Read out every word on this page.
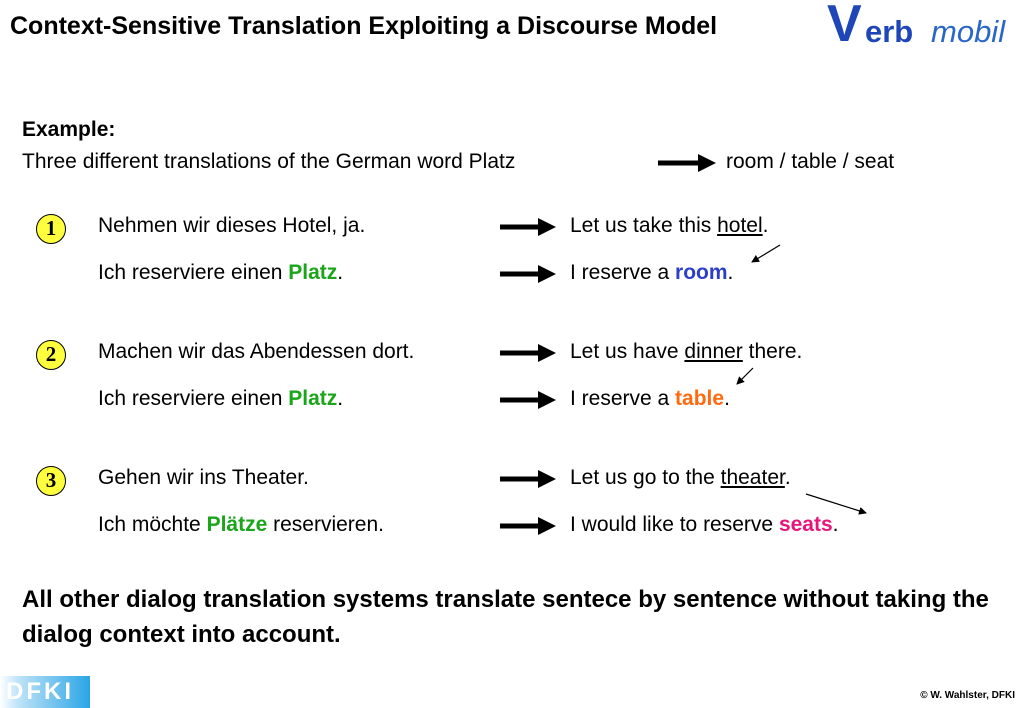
Context-Sensitive Translation Exploiting a Discourse Model	V erb mobil
Example:
Three different translations of the German word Platz	room / table / seat
1	Nehmen wir dieses Hotel, ja.	Let us take this hotel.
Ich reserviere einen Platz.	I reserve a room.
2	Machen wir das Abendessen dort.	Let us have dinner there.
Ich reserviere einen Platz.	I reserve a table.
3	Gehen wir ins Theater.	Let us go to the theater.
Ich möchte Plätze reservieren.	I would like to reserve seats.

All other dialog translation systems translate sentece by sentence without taking the dialog context into account.

DFKI	© W. Wahlster, DFKI
